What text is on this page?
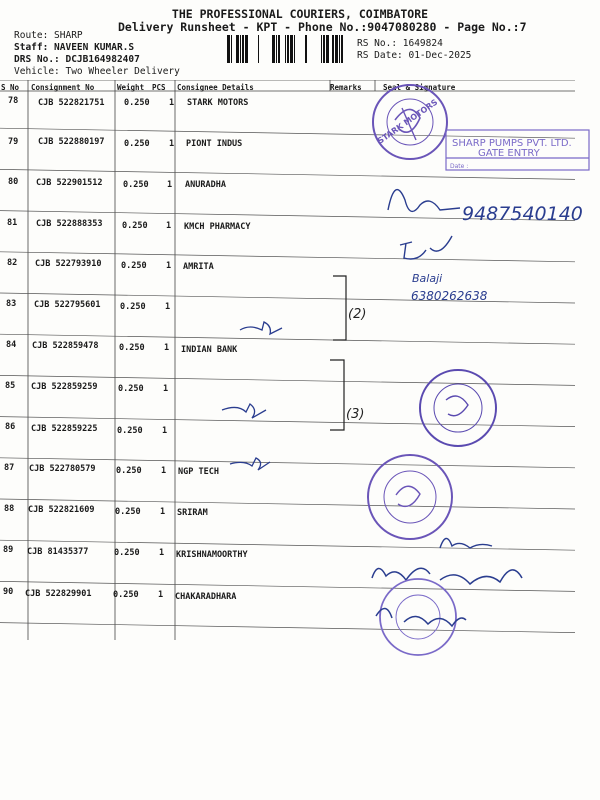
THE PROFESSIONAL COURIERS, COIMBATORE
Delivery Runsheet - KPT - Phone No.:9047080280 - Page No.:7
Route: SHARP
Staff: NAVEEN KUMAR.S
DRS No.: DCJB164982407
Vehicle: Two Wheeler Delivery
RS No.: 1649824
RS Date: 01-Dec-2025
S No Consignment No	Weight PCS Consignee Details	Remarks	Seal & Signature
78 CJB 522821751 0.250 1 STARK MOTORS
79 CJB 522880197 0.250 1 PIONT INDUS
80 CJB 522901512 0.250 1 ANURADHA
81 CJB 522888353 0.250 1 KMCH PHARMACY
82 CJB 522793910 0.250 1 AMRITA
83 CJB 522795601 0.250 1
84 CJB 522859478 0.250 1 INDIAN BANK
85 CJB 522859259 0.250 1
86 CJB 522859225 0.250 1
87 CJB 522780579 0.250 1 NGP TECH
88 CJB 522821609 0.250 1 SRIRAM
89 CJB 81435377	0.250 1 KRISHNAMOORTHY
90 CJB 522829901	0.250 1 CHAKARADHARA
(2)
(3)
STARK MOTORS SHARP PUMPS PVT. LTD.
GATE ENTRY
Date :
9487540140
Balaji
6380262638
